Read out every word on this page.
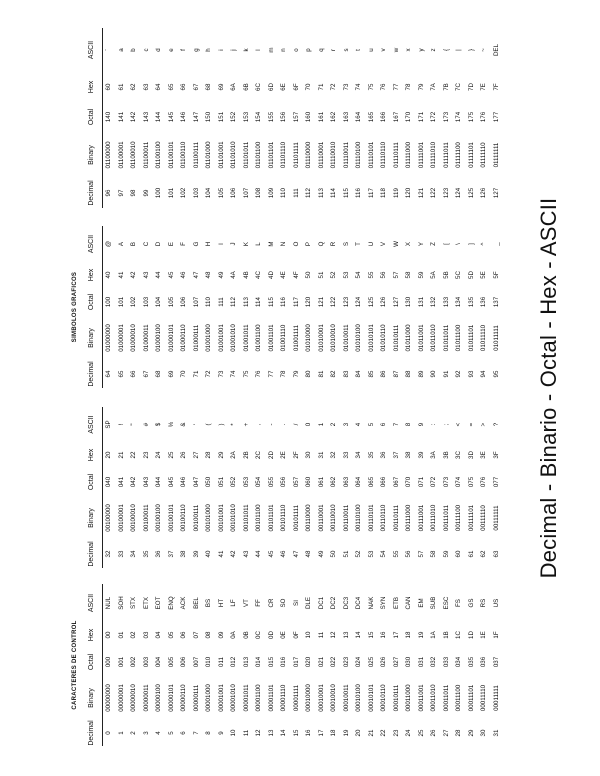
Decimal - Binario - Octal - Hex - ASCII
CARACTERES DE CONTROL
Decimal	Binary	Octal	Hex	ASCII
0	00000000	000	00	NUL
1	00000001	001	01	SOH
2	00000010	002	02	STX
3	00000011	003	03	ETX
4	00000100	004	04	EOT
5	00000101	005	05	ENQ
6	00000110	006	06	ACK
7	00000111	007	07	BEL
8	00001000	010	08	BS
9	00001001	011	09	HT
10	00001010	012	0A	LF
11	00001011	013	0B	VT
12	00001100	014	0C	FF
13	00001101	015	0D	CR
14	00001110	016	0E	SO
15	00001111	017	0F	SI
16	00010000	020	10	DLE
17	00010001	021	11	DC1
18	00010010	022	12	DC2
19	00010011	023	13	DC3
20	00010100	024	14	DC4
21	00010101	025	15	NAK
22	00010110	026	16	SYN
23	00010111	027	17	ETB
24	00011000	030	18	CAN
25	00011001	031	19	EM
26	00011010	032	1A	SUB
27	00011011	033	1B	ESC
28	00011100	034	1C	FS
29	00011101	035	1D	GS
30	00011110	036	1E	RS
31	00011111	037	1F	US
Decimal	Binary	Octal	Hex	ASCII
32	00100000	040	20	SP
33	00100001	041	21	!
34	00100010	042	22	"
35	00100011	043	23	#
36	00100100	044	24	$
37	00100101	045	25	%
38	00100110	046	26	&
39	00100111	047	27	'
40	00101000	050	28	(
41	00101001	051	29	)
42	00101010	052	2A	*
43	00101011	053	2B	+
44	00101100	054	2C	,
45	00101101	055	2D	-
46	00101110	056	2E	.
47	00101111	057	2F	/
48	00110000	060	30	0
49	00110001	061	31	1
50	00110010	062	32	2
51	00110011	063	33	3
52	00110100	064	34	4
53	00110101	065	35	5
54	00110110	066	36	6
55	00110111	067	37	7
56	00111000	070	38	8
57	00111001	071	39	9
58	00111010	072	3A	:
59	00111011	073	3B	;
60	00111100	074	3C	<
61	00111101	075	3D	=
62	00111110	076	3E	>
63	00111111	077	3F	?
SIMBOLOS GRAFICOS
Decimal	Binary	Octal	Hex	ASCII
64	01000000	100	40	@
65	01000001	101	41	A
66	01000010	102	42	B
67	01000011	103	43	C
68	01000100	104	44	D
69	01000101	105	45	E
70	01000110	106	46	F
71	01000111	107	47	G
72	01001000	110	48	H
73	01001001	111	49	I
74	01001010	112	4A	J
75	01001011	113	4B	K
76	01001100	114	4C	L
77	01001101	115	4D	M
78	01001110	116	4E	N
79	01001111	117	4F	O
80	01010000	120	50	P
81	01010001	121	51	Q
82	01010010	122	52	R
83	01010011	123	53	S
84	01010100	124	54	T
85	01010101	125	55	U
86	01010110	126	56	V
87	01010111	127	57	W
88	01011000	130	58	X
89	01011001	131	59	Y
90	01011010	132	5A	Z
91	01011011	133	5B	[
92	01011100	134	5C	\
93	01011101	135	5D	]
94	01011110	136	5E	^
95	01011111	137	5F	_
Decimal	Binary	Octal	Hex	ASCII
96	01100000	140	60	`
97	01100001	141	61	a
98	01100010	142	62	b
99	01100011	143	63	c
100	01100100	144	64	d
101	01100101	145	65	e
102	01100110	146	66	f
103	01100111	147	67	g
104	01101000	150	68	h
105	01101001	151	69	i
106	01101010	152	6A	j
107	01101011	153	6B	k
108	01101100	154	6C	l
109	01101101	155	6D	m
110	01101110	156	6E	n
111	01101111	157	6F	o
112	01110000	160	70	p
113	01110001	161	71	q
114	01110010	162	72	r
115	01110011	163	73	s
116	01110100	164	74	t
117	01110101	165	75	u
118	01110110	166	76	v
119	01110111	167	77	w
120	01111000	170	78	x
121	01111001	171	79	y
122	01111010	172	7A	z
123	01111011	173	7B	{
124	01111100	174	7C	|
125	01111101	175	7D	}
126	01111110	176	7E	~
127	01111111	177	7F	DEL
